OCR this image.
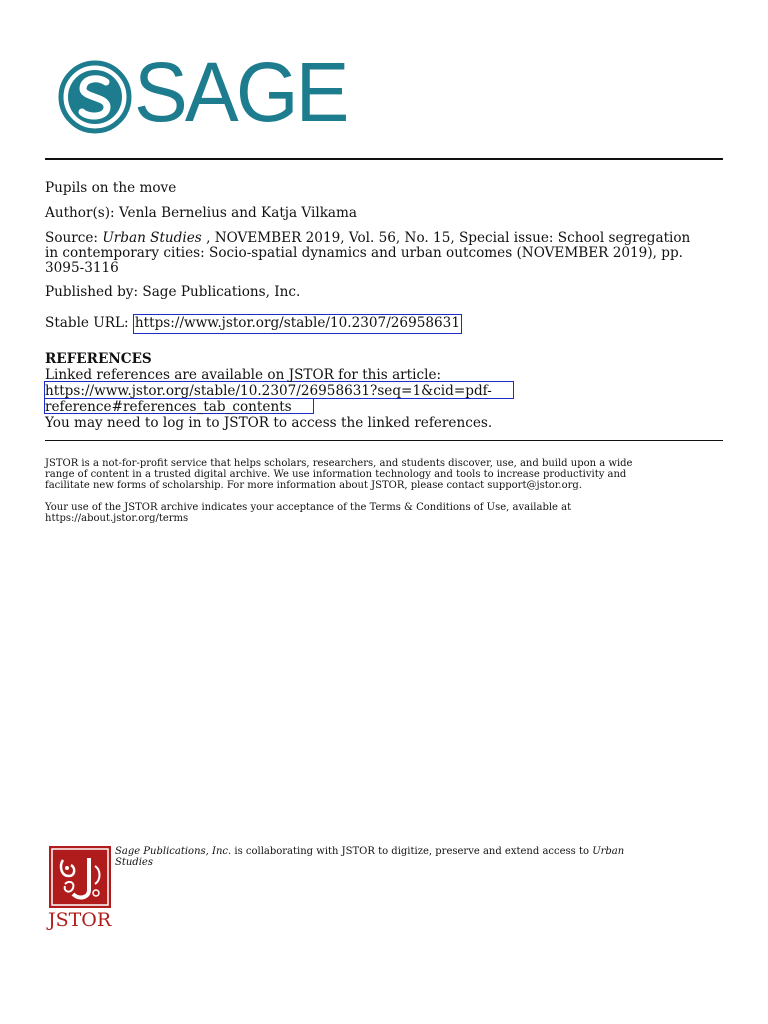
SAGE
Pupils on the move
Author(s): Venla Bernelius and Katja Vilkama
Source: Urban Studies , NOVEMBER 2019, Vol. 56, No. 15, Special issue: School segregation
in contemporary cities: Socio-spatial dynamics and urban outcomes (NOVEMBER 2019), pp.
3095-3116
Published by: Sage Publications, Inc.
Stable URL: https://www.jstor.org/stable/10.2307/26958631
REFERENCES
Linked references are available on JSTOR for this article:
https://www.jstor.org/stable/10.2307/26958631?seq=1&cid=pdf-
reference#references_tab_contents
You may need to log in to JSTOR to access the linked references.
JSTOR is a not-for-profit service that helps scholars, researchers, and students discover, use, and build upon a wide
range of content in a trusted digital archive. We use information technology and tools to increase productivity and
facilitate new forms of scholarship. For more information about JSTOR, please contact support@jstor.org.
Your use of the JSTOR archive indicates your acceptance of the Terms & Conditions of Use, available at
https://about.jstor.org/terms
JSTOR
Sage Publications, Inc. is collaborating with JSTOR to digitize, preserve and extend access to Urban
Studies
